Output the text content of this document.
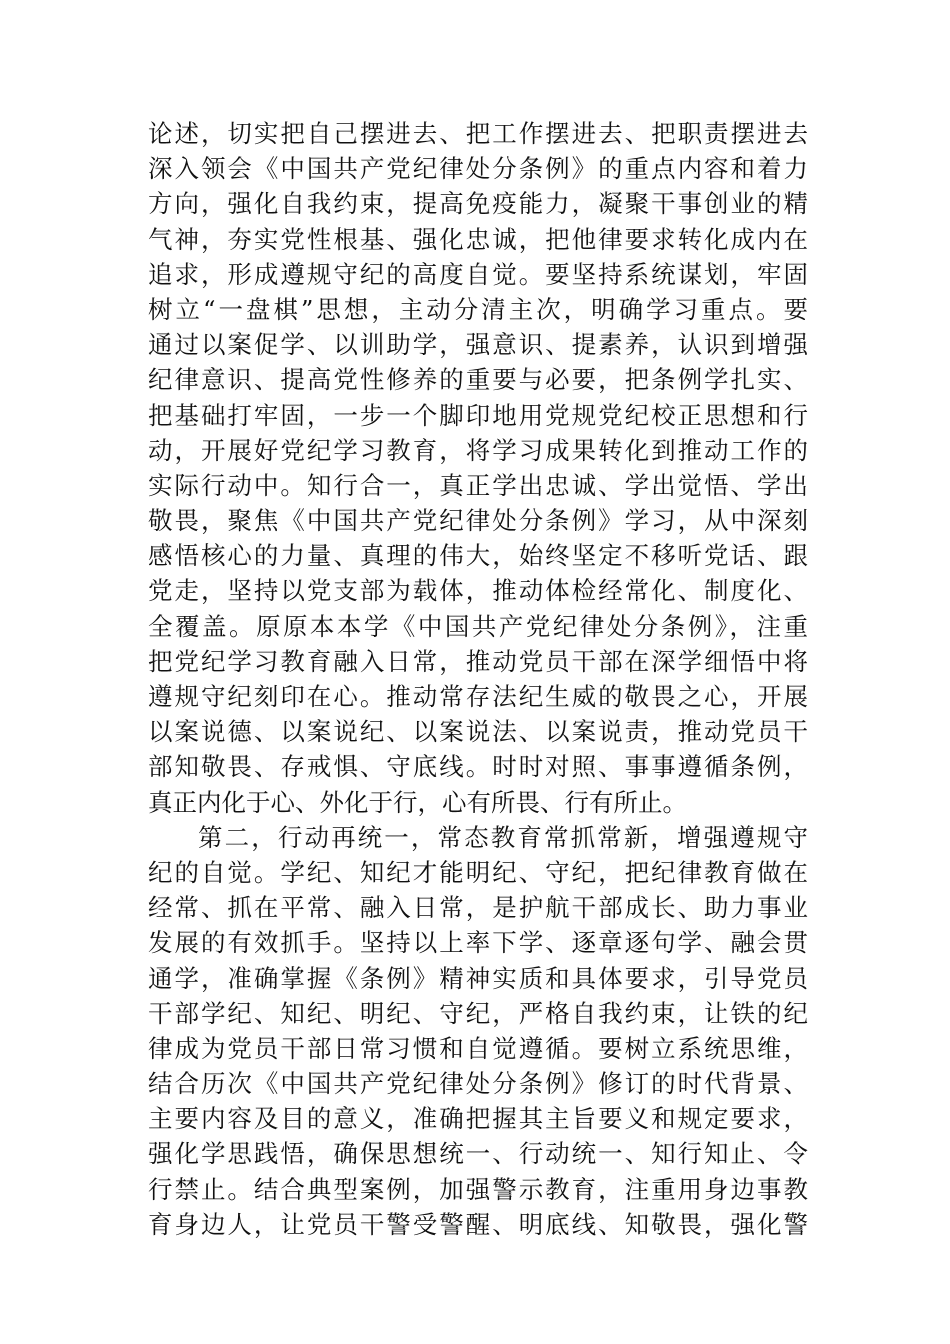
论述，切实把自己摆进去、把工作摆进去、把职责摆进去
深入领会《中国共产党纪律处分条例》的重点内容和着力
方向，强化自我约束，提高免疫能力，凝聚干事创业的精
气神，夯实党性根基、强化忠诚，把他律要求转化成内在
追求，形成遵规守纪的高度自觉。要坚持系统谋划，牢固
树立“一盘棋”思想，主动分清主次，明确学习重点。要
通过以案促学、以训助学，强意识、提素养，认识到增强
纪律意识、提高党性修养的重要与必要，把条例学扎实、
把基础打牢固，一步一个脚印地用党规党纪校正思想和行
动，开展好党纪学习教育，将学习成果转化到推动工作的
实际行动中。知行合一，真正学出忠诚、学出觉悟、学出
敬畏，聚焦《中国共产党纪律处分条例》学习，从中深刻
感悟核心的力量、真理的伟大，始终坚定不移听党话、跟
党走，坚持以党支部为载体，推动体检经常化、制度化、
全覆盖。原原本本学《中国共产党纪律处分条例》，注重
把党纪学习教育融入日常，推动党员干部在深学细悟中将
遵规守纪刻印在心。推动常存法纪生威的敬畏之心，开展
以案说德、以案说纪、以案说法、以案说责，推动党员干
部知敬畏、存戒惧、守底线。时时对照、事事遵循条例，
真正内化于心、外化于行，心有所畏、行有所止。
第二，行动再统一，常态教育常抓常新，增强遵规守
纪的自觉。学纪、知纪才能明纪、守纪，把纪律教育做在
经常、抓在平常、融入日常，是护航干部成长、助力事业
发展的有效抓手。坚持以上率下学、逐章逐句学、融会贯
通学，准确掌握《条例》精神实质和具体要求，引导党员
干部学纪、知纪、明纪、守纪，严格自我约束，让铁的纪
律成为党员干部日常习惯和自觉遵循。要树立系统思维，
结合历次《中国共产党纪律处分条例》修订的时代背景、
主要内容及目的意义，准确把握其主旨要义和规定要求，
强化学思践悟，确保思想统一、行动统一、知行知止、令
行禁止。结合典型案例，加强警示教育，注重用身边事教
育身边人，让党员干警受警醒、明底线、知敬畏，强化警
